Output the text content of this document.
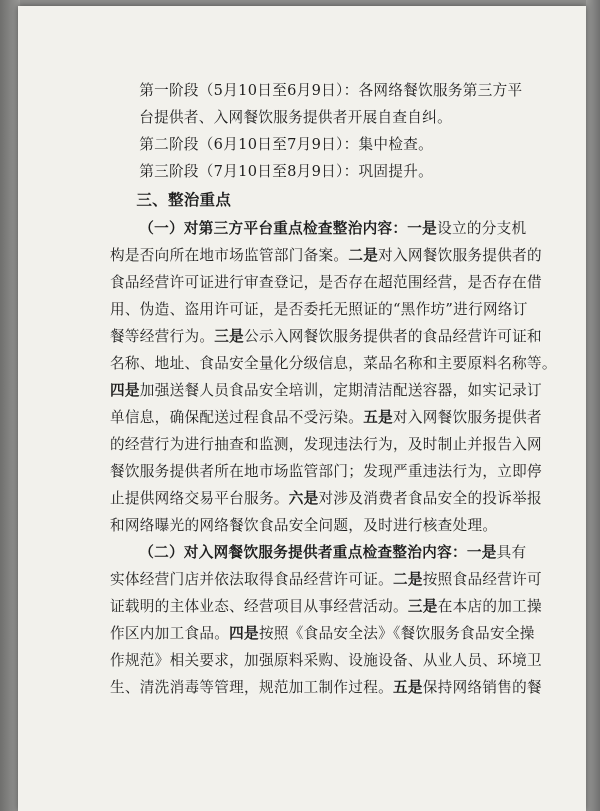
第一阶段（5月10日至6月9日）：各网络餐饮服务第三方平
台提供者、入网餐饮服务提供者开展自查自纠。

第二阶段（6月10日至7月9日）：集中检查。

第三阶段（7月10日至8月9日）：巩固提升。

三、整治重点

（一）对第三方平台重点检查整治内容：一是设立的分支机
构是否向所在地市场监管部门备案。二是对入网餐饮服务提供者的
食品经营许可证进行审查登记，是否存在超范围经营，是否存在借
用、伪造、盗用许可证，是否委托无照证的“黑作坊”进行网络订
餐等经营行为。三是公示入网餐饮服务提供者的食品经营许可证和
名称、地址、食品安全量化分级信息，菜品名称和主要原料名称等。
四是加强送餐人员食品安全培训，定期清洁配送容器，如实记录订
单信息，确保配送过程食品不受污染。五是对入网餐饮服务提供者
的经营行为进行抽查和监测，发现违法行为，及时制止并报告入网
餐饮服务提供者所在地市场监管部门；发现严重违法行为，立即停
止提供网络交易平台服务。六是对涉及消费者食品安全的投诉举报
和网络曝光的网络餐饮食品安全问题，及时进行核查处理。

（二）对入网餐饮服务提供者重点检查整治内容：一是具有
实体经营门店并依法取得食品经营许可证。二是按照食品经营许可
证载明的主体业态、经营项目从事经营活动。三是在本店的加工操
作区内加工食品。四是按照《食品安全法》《餐饮服务食品安全操
作规范》相关要求，加强原料采购、设施设备、从业人员、环境卫
生、清洗消毒等管理，规范加工制作过程。五是保持网络销售的餐
